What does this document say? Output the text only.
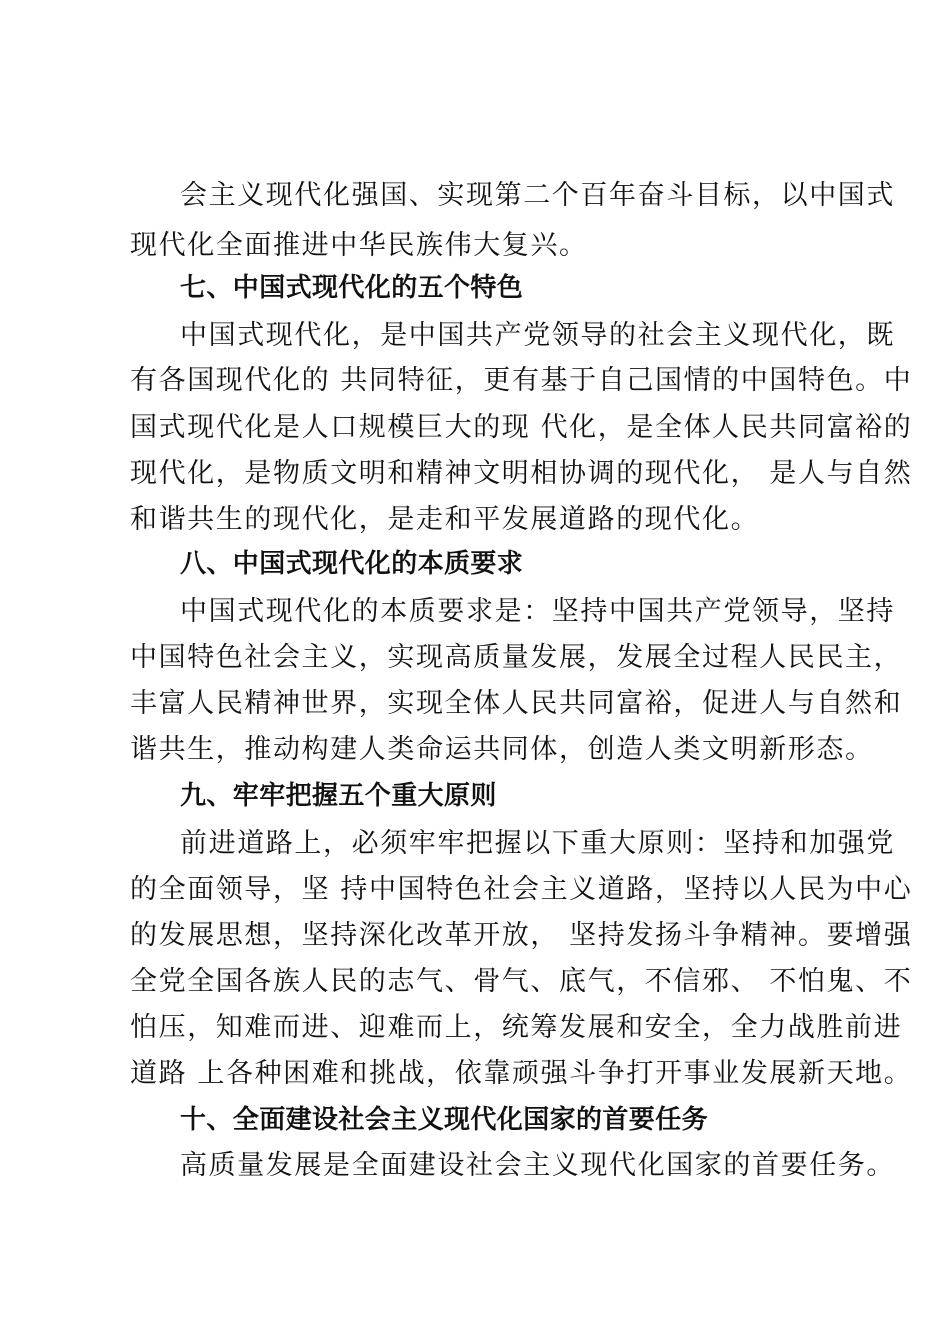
会主义现代化强国、实现第二个百年奋斗目标，以中国式
现代化全面推进中华民族伟大复兴。
七、中国式现代化的五个特色
中国式现代化，是中国共产党领导的社会主义现代化，既
有各国现代化的 共同特征，更有基于自己国情的中国特色。中
国式现代化是人口规模巨大的现 代化，是全体人民共同富裕的
现代化，是物质文明和精神文明相协调的现代化， 是人与自然
和谐共生的现代化，是走和平发展道路的现代化。
八、中国式现代化的本质要求
中国式现代化的本质要求是：坚持中国共产党领导，坚持
中国特色社会主义，实现高质量发展，发展全过程人民民主，
丰富人民精神世界，实现全体人民共同富裕，促进人与自然和
谐共生，推动构建人类命运共同体，创造人类文明新形态。
九、牢牢把握五个重大原则
前进道路上，必须牢牢把握以下重大原则：坚持和加强党
的全面领导，坚 持中国特色社会主义道路，坚持以人民为中心
的发展思想，坚持深化改革开放， 坚持发扬斗争精神。要增强
全党全国各族人民的志气、骨气、底气，不信邪、 不怕鬼、不
怕压，知难而进、迎难而上，统筹发展和安全，全力战胜前进
道路 上各种困难和挑战，依靠顽强斗争打开事业发展新天地。
十、全面建设社会主义现代化国家的首要任务
高质量发展是全面建设社会主义现代化国家的首要任务。
